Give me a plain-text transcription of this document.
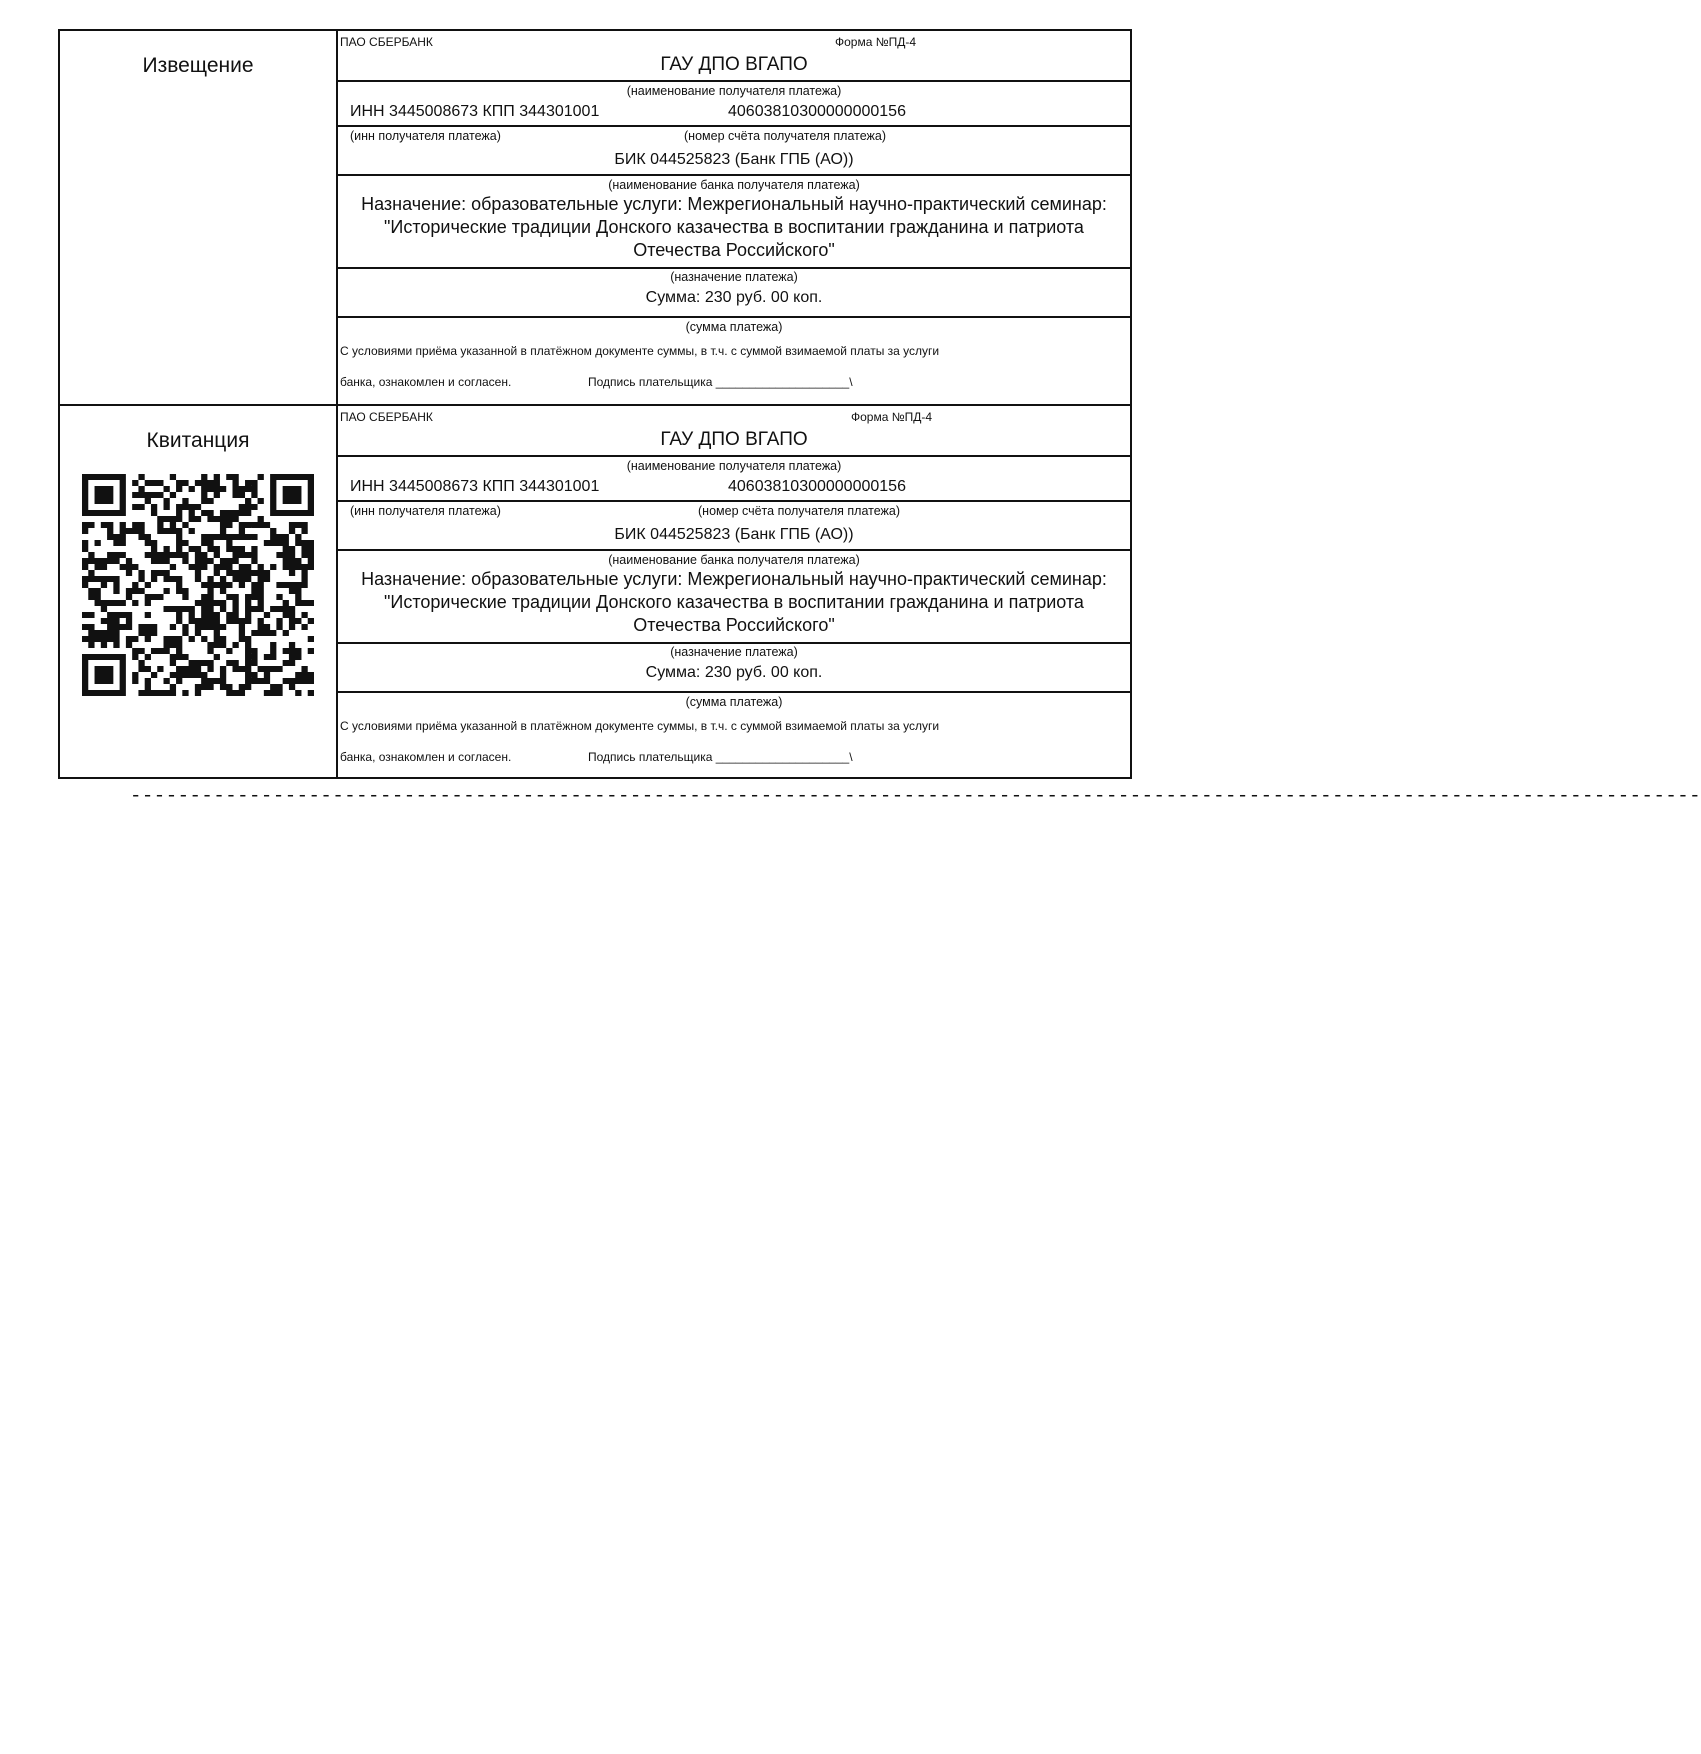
Извещение
ПАО СБЕРБАНК	Форма №ПД-4
ГАУ ДПО ВГАПО
(наименование получателя платежа)
ИНН 3445008673 КПП 344301001	40603810300000000156
(инн получателя платежа)	(номер счёта получателя платежа)
БИК 044525823 (Банк ГПБ (АО))
(наименование банка получателя платежа)
Назначение: образовательные услуги: Межрегиональный научно-практический семинар: "Исторические традиции Донского казачества в воспитании гражданина и патриота Отечества Российского"
(назначение платежа)
Сумма: 230 руб. 00 коп.
(сумма платежа)
С условиями приёма указанной в платёжном документе суммы, в т.ч. с суммой взимаемой платы за услуги
банка, ознакомлен и согласен.	Подпись плательщика ____________________\
Квитанция
ПАО СБЕРБАНК	Форма №ПД-4
ГАУ ДПО ВГАПО
(наименование получателя платежа)
ИНН 3445008673 КПП 344301001	40603810300000000156
(инн получателя платежа)	(номер счёта получателя платежа)
БИК 044525823 (Банк ГПБ (АО))
(наименование банка получателя платежа)
Назначение: образовательные услуги: Межрегиональный научно-практический семинар: "Исторические традиции Донского казачества в воспитании гражданина и патриота Отечества Российского"
(назначение платежа)
Сумма: 230 руб. 00 коп.
(сумма платежа)
С условиями приёма указанной в платёжном документе суммы, в т.ч. с суммой взимаемой платы за услуги
банка, ознакомлен и согласен.	Подпись плательщика ____________________\
------------------------------------------------------------------------------------------------------------------------------------
